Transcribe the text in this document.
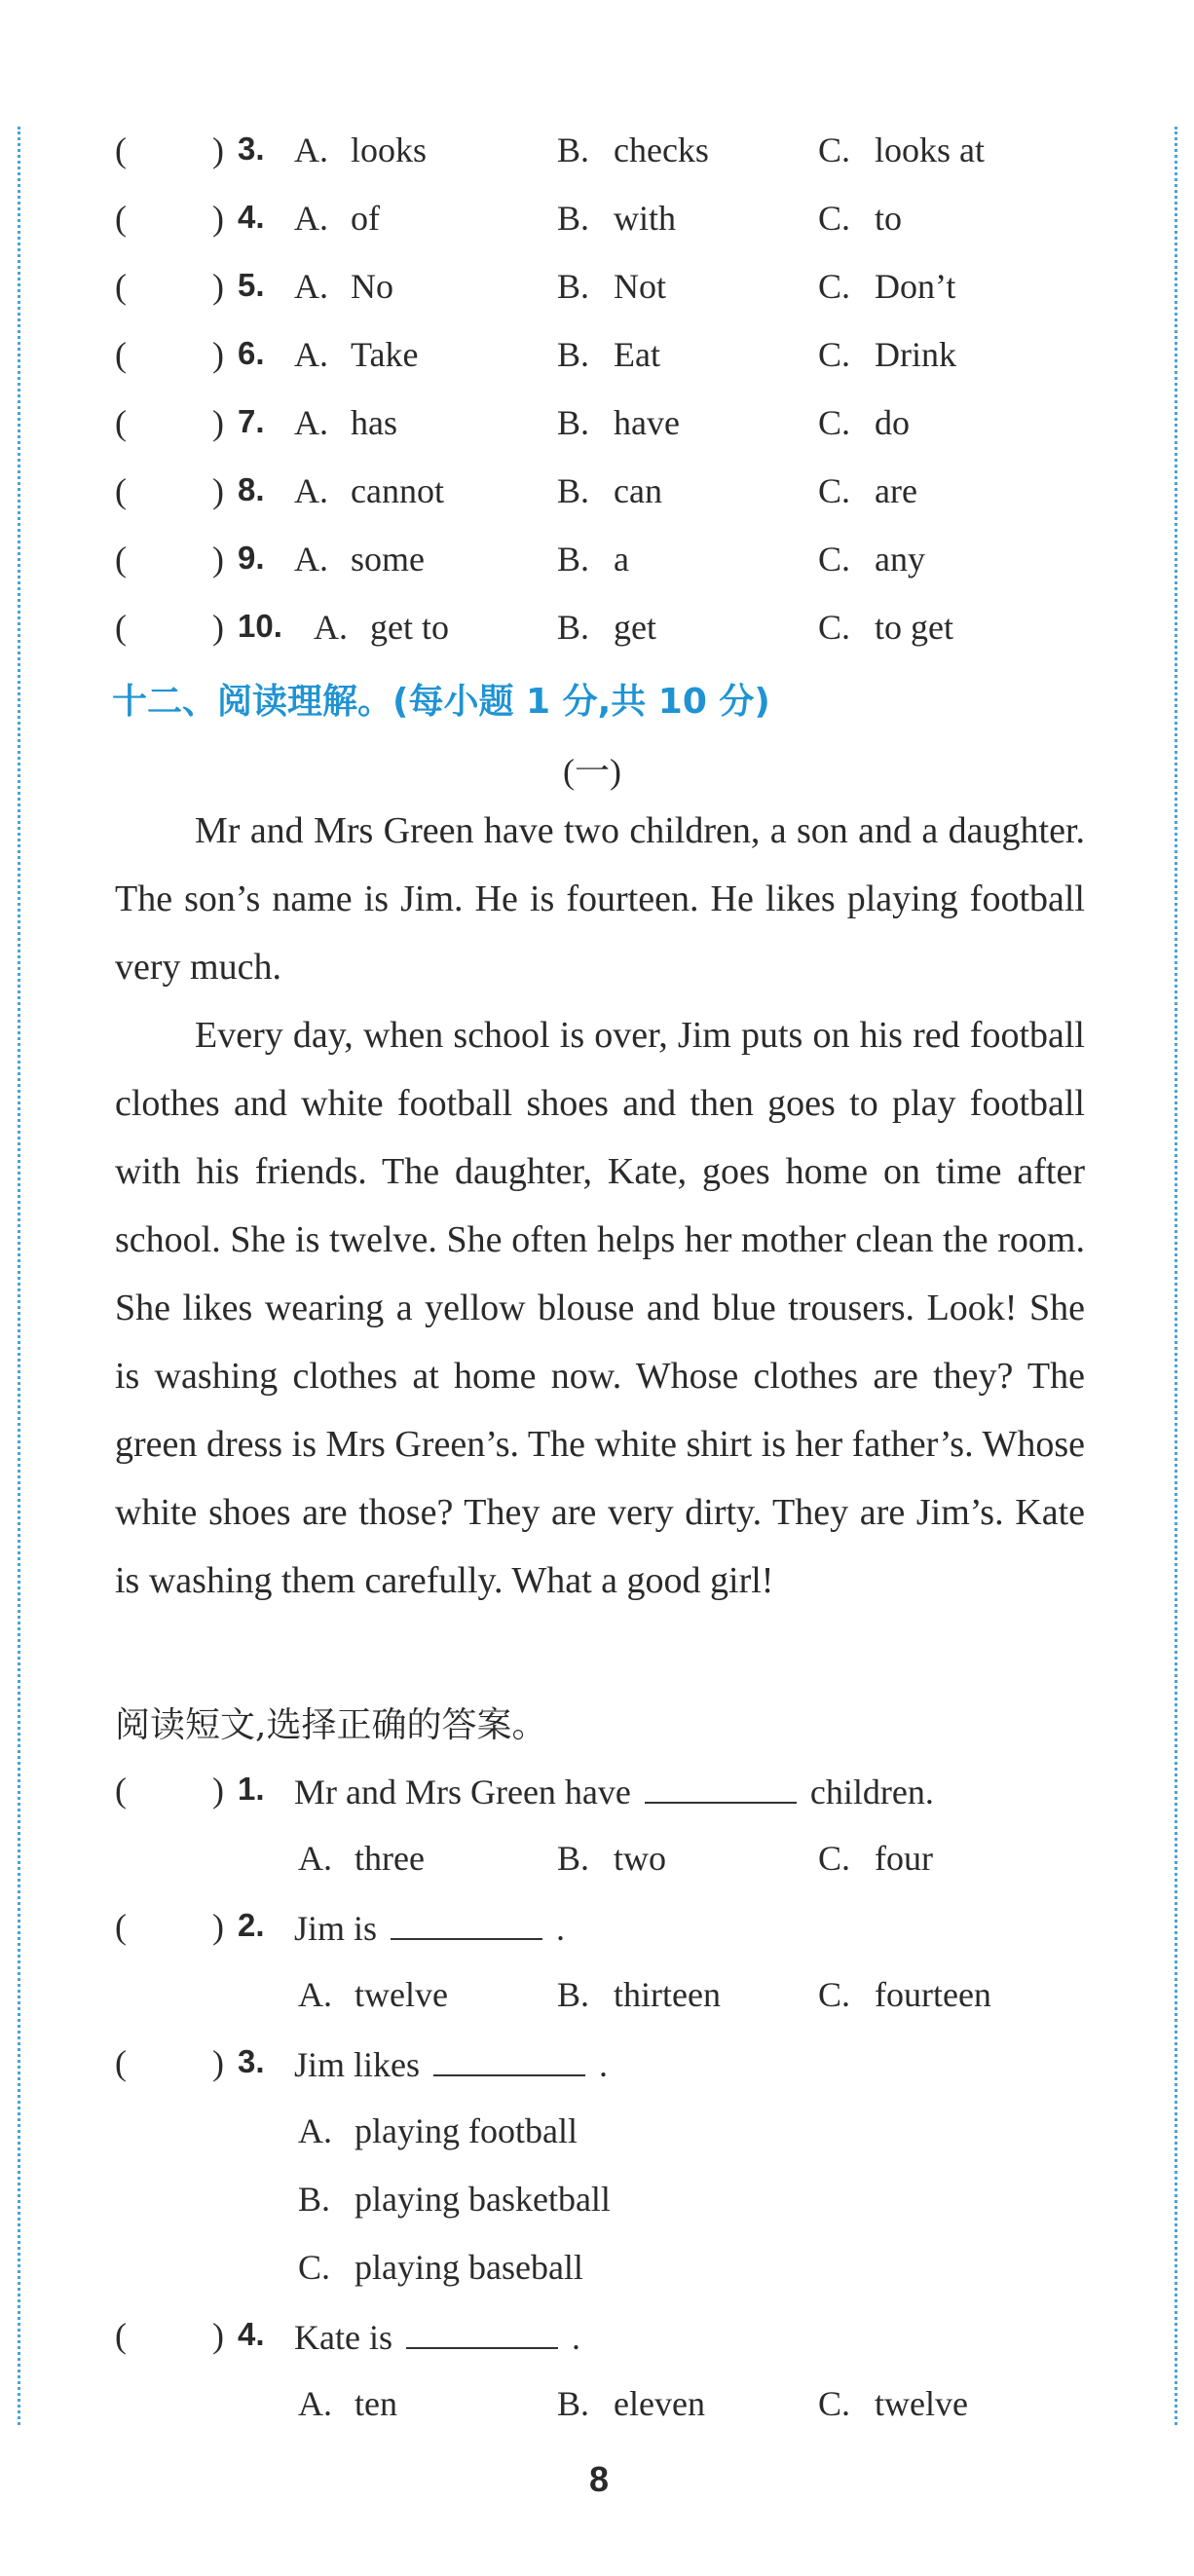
( ) 3. A. looks	B. checks	C. looks at
( ) 4. A. of	B. with	C. to
( ) 5. A. No	B. Not	C. Don’t
( ) 6. A. Take	B. Eat	C. Drink
( ) 7. A. has	B. have	C. do
( ) 8. A. cannot	B. can	C. are
( ) 9. A. some	B. a	C. any
( ) 10. A. get to	B. get	C. to get
十二、阅读理解。(每小题 1 分,共 10 分)
(一)

Mr and Mrs Green have two children, a son and a daughter. The son’s name is Jim. He is fourteen. He likes playing football very much.

Every day, when school is over, Jim puts on his red football clothes and white football shoes and then goes to play football with his friends. The daughter, Kate, goes home on time after school. She is twelve. She often helps her mother clean the room. She likes wearing a yellow blouse and blue trousers. Look! She is washing clothes at home now. Whose clothes are they? The green dress is Mrs Green’s. The white shirt is her father’s. Whose white shoes are those? They are very dirty. They are Jim’s. Kate is washing them carefully. What a good girl!

阅读短文,选择正确的答案。
( ) 1. Mr and Mrs Green have	children.
A. three	B. two	C. four
( ) 2. Jim is	.
A. twelve	B. thirteen	C. fourteen
( ) 3. Jim likes	.
A. playing football
B. playing basketball
C. playing baseball
( ) 4. Kate is	.
A. ten	B. eleven	C. twelve
8
